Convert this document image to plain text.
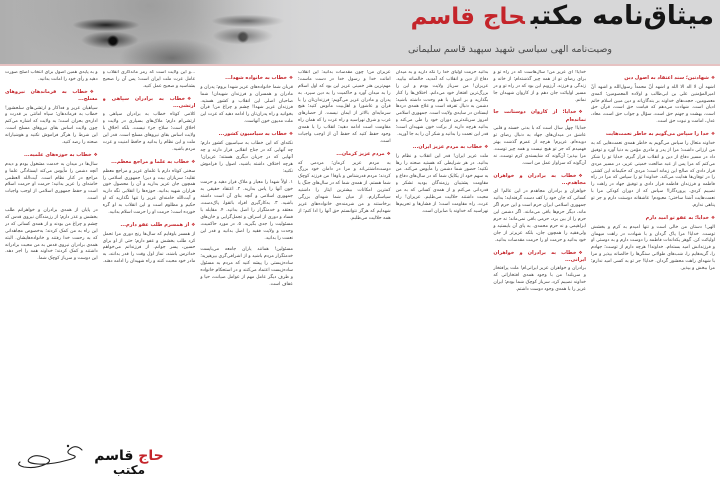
میثاق‌نامه مکتبحاج قاسم
وصیت‌نامه الهی سیاسی شهید سپهبد قاسم سلیمانی
❖شهادتین؛ سند اعتقاد به اصول دین

اشهد أن لا اله الا الله و اشهد أنّ محمداً رسول‌الله و اشهد أنّ امیرالمؤمنین علی بن ابی‌طالب و اولاده المعصومین؛ ائمه‌ی معصومین، حجت‌های خداوند بر بندگان‌اند و دین مبین اسلام خاتم ادیان است. شهادت می‌دهم که قیامت حق است، قرآن حق است، بهشت و جهنم حق است، سؤال و جواب حق است، معاد، عدل، امامت و نبوت حق است.

❖خدا را سپاس می‌گویم به خاطر نعمت‌هایت

خداوند متعال را سپاس می‌گویم به خاطر همه‌ی نعمت‌هایی که به من ارزانی داشت؛ مرا از پدر و مادری مؤمن به دنیا آورد و توفیق داد در مسیر دفاع از دین و انقلاب قرار گیرم. خدایا تو را شکر می‌کنم که مرا پس از عبد صالحت خمینی عزیز، در مسیر مردی قرار دادی که صالح این زمانه است؛ مردی که حکیمانه این کشتی را در توفان‌ها هدایت می‌کند. خداوندا تو را سپاس که مرا در راه فاطمه و فرزندان فاطمه قرار دادی و توفیق جهاد در راهت را نصیبم کردی. پروردگارا! سپاس که از دوران کودکی مرا با نعمت‌هایت آشنا ساختی؛ معبودم! عاشقانه دوستت دارم و جز تو پناهی ندارم.

❖خدایا؛ به عفو تو امید دارم

الهی! دستان من خالی است و تنها امیدم به کرم و بخشش توست. خدایا! مرا پاک گردان و با شهادت در راهت میهمان اولیائت کن. گوهر یکدانه‌ات فاطمه را دوست دارم و به دوستی او و فرزندانش امید بسته‌ام. خداوندا! هرچه دارم از توست؛ جهادم را، گریه‌هایم را، شب‌های طولانی سنگرها را خالصانه بپذیر و مرا با شهدای راهت محشور گردان. خدایا! جز تو به کسی امید ندارم؛ مرا ببخش و بپذیر.

خدایا! ای عزیز من! سال‌هاست که در راه تو و برای رضای تو از همه چیز گذشته‌ام؛ از خانه و زندگی و فرزند. آرزویم این بود که در راه تو و در مسیر اولیائت جان دهم و از کاروان شهیدان جا نمانم.

❖خدایا؛ از کاروان دوستانت جا نمانده‌ام

خدایا! چهل سال است که با بدنی خسته و قلبی عاشق در میدان‌های جهاد به دنبال رضای تو دویده‌ام. عزیزم! هرچه از عمرم گذشت بهتر فهمیدم که جز تو هیچ نیست و همه چیز توست. مرا بپذیر؛ آن‌گونه که شایسته‌ی کرم توست، نه آن‌گونه که سزاوار عمل من است.

❖خطاب به برادران و خواهران مجاهدم...

خواهران و برادران مجاهدم در این عالم! ای کسانی که جان خود را کف دست گرفته‌اید؛ بدانید جمهوری اسلامی ایران حرم است و این حرم اگر ماند، دیگر حرم‌ها باقی می‌مانند. اگر دشمن این حرم را از بین برد، حرمی باقی نمی‌ماند؛ نه حرم ابراهیمی و نه حرم محمدی. به پای آن بایستید و ولی‌فقیه را همچون جان، بلکه عزیزتر از جان خود بدانید و حرمت او را حرمت مقدسات بدانید.

❖خطاب به برادران و خواهران ایرانی...

برادران و خواهران عزیز ایرانی‌ام! ملت پرافتخار و سربلند! من با وجود همه‌ی افتخاراتی که خداوند نصیبم کرد، سرباز کوچک شما بودم؛ ایران عزیز را با همه‌ی وجود دوست داشتم.

بدانید حرمت اولیای خدا را نگه دارید و به میدان دفاع از دین و انقلاب که آمدید، خالصانه بیایید. عزیزان! من سرباز ولایت بودم و این را بزرگ‌ترین افتخار خود می‌دانم. اختلاف‌ها را کنار بگذارید و بر اصول با هم وحدت داشته باشید؛ دشمن به دنبال تفرقه است و علاج همه‌ی دردها ایستادن در سایه‌ی ولایت است. جمهوری اسلامی امروز سربلندترین دوران خود را طی می‌کند و بدانید هرچه دارید از برکت خون شهیدان است؛ قدر این نعمت را بدانید و شکر آن را به جا آورید.

❖خطاب به مردم عزیز ایران...

ملت عزیز ایران! قدر این انقلاب و نظام را بدانید. در هر شرایطی که هستید صحنه را رها نکنید؛ حضور شما دشمن را مأیوس می‌کند. من به سهم خود از یکایک شما که در سال‌های دفاع و مقاومت پشتیبان رزمندگان بودید تشکر و قدردانی می‌کنم و از همه‌ی کسانی که به من محبت داشتند حلالیت می‌طلبم. عزیزان! راه عزت، راه مقاومت است؛ از فشارها و تحریم‌ها نهراسید که خداوند با صابران است.

عزیزان من! چون مقدسات بدانید: این انقلاب امانت خدا و رسول خدا در دست ماست؛ مهم‌ترین هنر خمینی عزیز این بود که اول اسلام را به میدان آورد و حاکمیت را به دین سپرد. به پدران و مادران عزیز می‌گویم: فرزندان‌تان را با قرآن و عاشورا و اهل‌بیت مأنوس کنید؛ هیچ سرمایه‌ای بالاتر از ایمان نیست. از حصارهای غرب و شرق نهراسید و راه عزت را که همان راه مقاومت است ادامه دهید؛ انقلاب را با همه‌ی وجود حفظ کنید که حفظ آن از اوجب واجبات است.

❖مردم عزیز کرمان...

به مردم عزیز کرمان؛ مردمی که دوست‌داشتنی‌اند و مرا در دامان خود بزرگ کردند؛ مردم قدرشناس و باوفا! من فرزند کوچک شما هستم. از همه‌ی شما که در سال‌های جنگ با کمترین امکانات بیشترین ایثار را داشتید سپاسگزارم. از میان شما شهدای بزرگی برخاستند و من شرمنده‌ی خانواده‌های عزیز شهدایم که هرگز نتوانستم حق آنها را ادا کنم؛ از همه حلالیت می‌طلبم.

❖خطاب به خانواده شهدا...

قربان شما خانواده‌های عزیز شهدا بروم؛ پدران و مادران و همسران و فرزندان شهیدان! شما صاحبان اصلی این انقلاب و کشور هستید. فرزندان عزیز شهدا! چشم و چراغ من! قرآن بخوانید و راه پدران‌تان را ادامه دهید که عزت این ملت مدیون خون آنهاست.

❖خطاب به سیاسیون کشور...

نکته‌ای که این خطاب به سیاسیون کشور دارم؛ چه آنهایی که در جناح انقلابی قرار دارند و چه آنهایی که در جریان دیگری هستند؛ عزیزان! هرچه اختلاف داشته باشید، اصول را فراموش نکنید:

۱. اولاً شهدا را معیار و ملاک قرار دهید و حرمت خون آنها را پاس بدارید. ۲. اعتقاد حقیقی به جمهوری اسلامی و آنچه بنای آن است داشته باشید. ۳. به‌کارگیری افراد باتقوا، پاک‌دست، معتقد و خدمتگزار را اصل بدانید. ۴. مقابله با فساد و دوری از اسراف و تجمل‌گرایی و خان‌های مسئولیت را جدی بگیرید. ۵. در مورد حاکمیت، وحدت و ولایت فقیه را اصل بدانید و قدر این نعمت را بدانید.

مسئولین! همانند یاران جامعه می‌بایست خدمتگزار مردم باشید و از اشرافی‌گری بپرهیزید؛ ساده‌زیستی را پیشه کنید که مردم به مسئول ساده‌زیست اعتماد می‌کنند و در استحکام خانواده و طرف دیگر عامل مهم از عوامل صیانت، حیا و عفاف است.

...و این ولایت است که رمز ماندگاری انقلاب و عامل عزت ملت ایران است؛ پس آن را صحیح بشناسید و صحیح عمل کنید.

❖خطاب به برادران سپاهی و ارتشی...

کلامی کوتاه خطاب به برادران سپاهی و ارتشی‌ام دارم؛ ملاک‌های بسیاری در ولایت و اخلاق است؛ سلاح جزء نیست، بلکه اخلاقِ با ولایت اساس بقای نیروهای مسلح است. قدر این ملت و این نظام را بدانید و حافظ امنیت و عزت مردم باشید.

❖خطاب به علما و مراجع معظم...

سخنی کوتاه دارم با علمای عزیز و مراجع معظم تقلید؛ سربازان بیت و دین! جمهوری اسلامی را همچون جان عزیز بدارید و آن را محصول خون هزاران شهید بدانید. حوزه‌ها را انقلابی نگه دارید و آیت‌الله خامنه‌ای عزیز را تنها نگذارید که او حکیم و مظلوم است و این انقلاب به او گره خورده است؛ حرمت او را حرمت اسلام بدانید.

❖از همسرم طلب عفو دارم...

از همسر باوفایم که سال‌ها رنج دوری مرا تحمل کرد طلب بخشش و عفو دارم؛ حتی از او برای حسین، پسر جوانم. از فرزندانم می‌خواهم خداترس باشند، نماز اول وقت را قدر بدانند، به مادر خود محبت کنند و راه شهیدان را ادامه دهند.

و به پایه‌ی همین اصول برای انتخاب اصلح صورت دهید و رأی خود را امانت بدانید.

❖خطاب به فرماندهان نیروهای مسلح...

سپاهیان عزیز و فداکار و ارتشی‌های سلحشور! خطاب به فرماندهان؛ سپاه امانتی بر قدرت و اداره‌ی بحران است؛ به ولایت که اشاره می‌کنم چون ولایت اساس بقای نیروهای مسلح است. این شرط را هرگز فراموش نکنید و هوشیارانه صحنه را رصد کنید.

❖خطاب به حوزه‌های علمیه...

سال‌ها در میدان به خدمت مشغول بودم و دیدم آنچه دشمن را مأیوس می‌کند ایستادگی علما و مراجع در کنار نظام است. آیت‌الله العظمی خامنه‌ای را عزیز بدانید؛ حرمت او حرمت اسلام است و حفظ جمهوری اسلامی از اوجب واجبات است.

در پایان از همه‌ی برادران و خواهرانم طلب بخشش و عذر دارم؛ از رزمندگان نیروی قدس که چشم و چراغ من بودند و از همه‌ی کسانی که در این راه به من کمک کردند؛ به‌خصوص مجاهدانی که به رحمت خدا رفتند و خانواده‌هایشان. البته همه‌ی برادران نیروی قدس به من محبت برادرانه داشتند و کمک کردند؛ خداوند همه را اجر دهد. این دوست و سرباز کوچک شما.

حاج قاسم
مکتب
